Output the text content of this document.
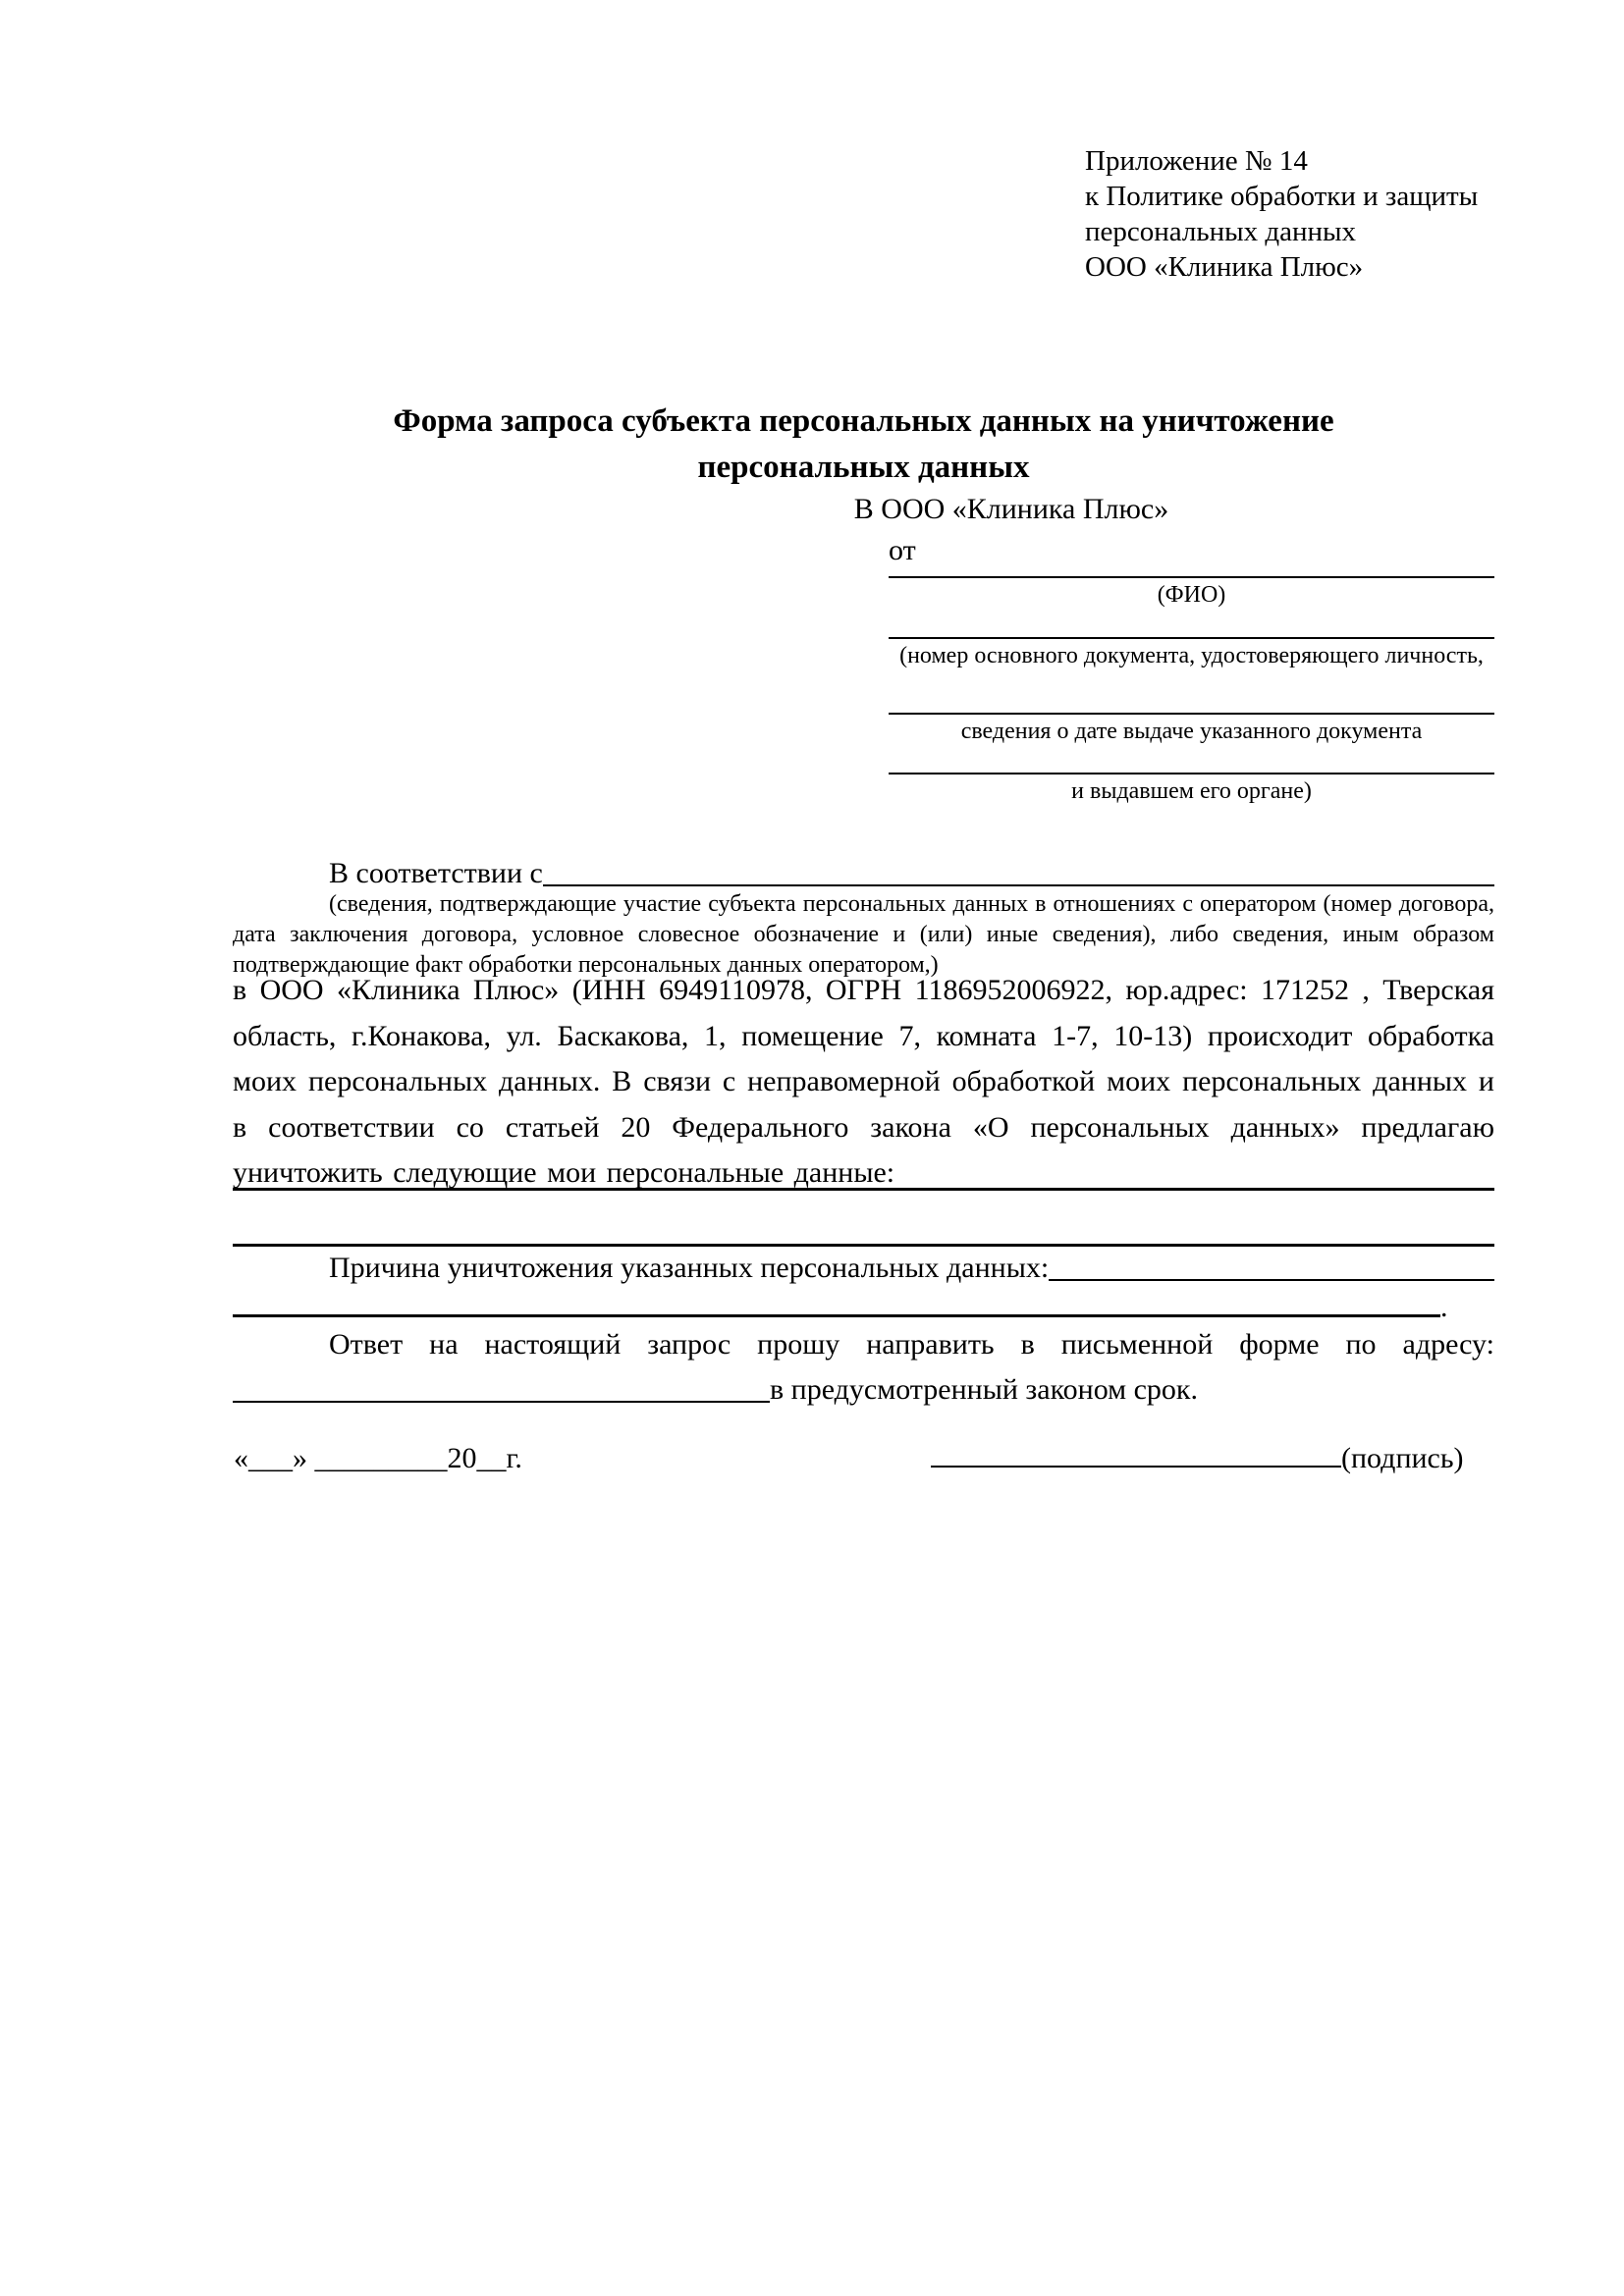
Приложение № 14
к Политике обработки и защиты
персональных данных
ООО «Клиника Плюс»
Форма запроса субъекта персональных данных на уничтожение
персональных данных
В ООО «Клиника Плюс»
от
(ФИО)
(номер основного документа, удостоверяющего личность,
сведения о дате выдаче указанного документа
и выдавшем его органе)
В соответствии с
(сведения, подтверждающие участие субъекта персональных данных в отношениях с оператором (номер договора, дата заключения договора, условное словесное обозначение и (или) иные сведения), либо сведения, иным образом подтверждающие факт обработки персональных данных оператором,)
в ООО «Клиника Плюс» (ИНН 6949110978, ОГРН 1186952006922, юр.адрес: 171252 , Тверская область, г.Конакова, ул. Баскакова, 1, помещение 7, комната 1-7, 10-13) происходит обработка моих персональных данных. В связи с неправомерной обработкой моих персональных данных и в соответствии со статьей 20 Федерального закона «О персональных данных» предлагаю уничтожить следующие мои персональные данные:
Причина уничтожения указанных персональных данных:
.
Ответ на настоящий запрос прошу направить в письменной форме по адресу:
в предусмотренный законом срок.
«___» _________20__г.	(подпись)
